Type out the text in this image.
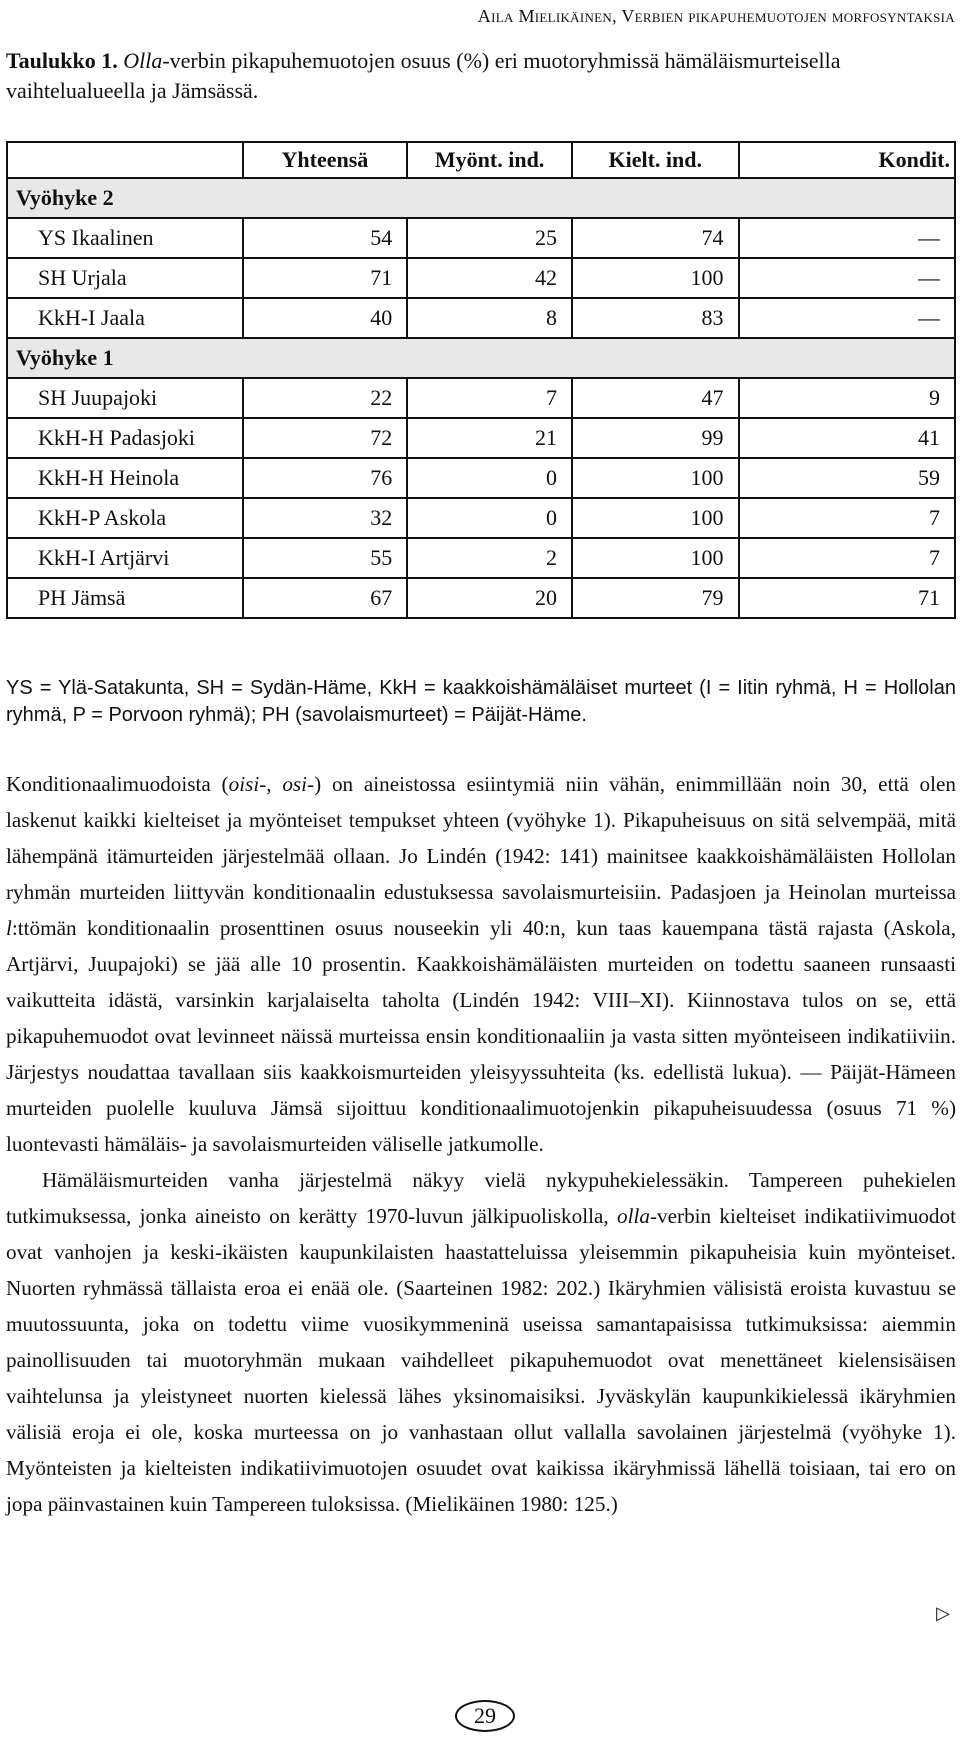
Aila Mielikäinen, Verbien pikapuhemuotojen morfosyntaksia
Taulukko 1. Olla-verbin pikapuhemuotojen osuus (%) eri muotoryhmissä hämäläismurteisella vaihtelualueella ja Jämsässä.
	Yhteensä	Myönt. ind.	Kielt. ind.	Kondit.
Vyöhyke 2				
YS Ikaalinen	54	25	74	—
SH Urjala	71	42	100	—
KkH-I Jaala	40	8	83	—
Vyöhyke 1				
SH Juupajoki	22	7	47	9
KkH-H Padasjoki	72	21	99	41
KkH-H Heinola	76	0	100	59
KkH-P Askola	32	0	100	7
KkH-I Artjärvi	55	2	100	7
PH Jämsä	67	20	79	71
YS = Ylä-Satakunta, SH = Sydän-Häme, KkH = kaakkoishämäläiset murteet (I = Iitin ryhmä, H = Hollolan ryhmä, P = Porvoon ryhmä); PH (savolaismurteet) = Päijät-Häme.

Konditionaalimuodoista (oisi-, osi-) on aineistossa esiintymiä niin vähän, enimmillään noin 30, että olen laskenut kaikki kielteiset ja myönteiset tempukset yhteen (vyöhyke 1). Pikapuheisuus on sitä selvempää, mitä lähempänä itämurteiden järjestelmää ollaan. Jo Lindén (1942: 141) mainitsee kaakkoishämäläisten Hollolan ryhmän murteiden liittyvän konditionaalin edustuksessa savolaismurteisiin. Padasjoen ja Heinolan murteissa l:ttömän konditionaalin prosenttinen osuus nouseekin yli 40:n, kun taas kauempana tästä rajasta (Askola, Artjärvi, Juupajoki) se jää alle 10 prosentin. Kaakkoishämäläisten murteiden on todettu saaneen runsaasti vaikutteita idästä, varsinkin karjalaiselta taholta (Lindén 1942: VIII–XI). Kiinnostava tulos on se, että pikapuhemuodot ovat levinneet näissä murteissa ensin konditionaaliin ja vasta sitten myönteiseen indikatiiviin. Järjestys noudattaa tavallaan siis kaakkoismurteiden yleisyyssuhteita (ks. edellistä lukua). — Päijät-Hämeen murteiden puolelle kuuluva Jämsä sijoittuu konditionaalimuotojenkin pikapuheisuudessa (osuus 71 %) luontevasti hämäläis- ja savolaismurteiden väliselle jatkumolle.

Hämäläismurteiden vanha järjestelmä näkyy vielä nykypuhekielessäkin. Tampereen puhekielen tutkimuksessa, jonka aineisto on kerätty 1970-luvun jälkipuoliskolla, olla-verbin kielteiset indikatiivimuodot ovat vanhojen ja keski-ikäisten kaupunkilaisten haastatteluissa yleisemmin pikapuheisia kuin myönteiset. Nuorten ryhmässä tällaista eroa ei enää ole. (Saarteinen 1982: 202.) Ikäryhmien välisistä eroista kuvastuu se muutossuunta, joka on todettu viime vuosikymmeninä useissa samantapaisissa tutkimuksissa: aiemmin painollisuuden tai muotoryhmän mukaan vaihdelleet pikapuhemuodot ovat menettäneet kielensisäisen vaihtelunsa ja yleistyneet nuorten kielessä lähes yksinomaisiksi. Jyväskylän kaupunkikielessä ikäryhmien välisiä eroja ei ole, koska murteessa on jo vanhastaan ollut vallalla savolainen järjestelmä (vyöhyke 1). Myönteisten ja kielteisten indikatiivimuotojen osuudet ovat kaikissa ikäryhmissä lähellä toisiaan, tai ero on jopa päinvastainen kuin Tampereen tuloksissa. (Mielikäinen 1980: 125.)

▷
29
